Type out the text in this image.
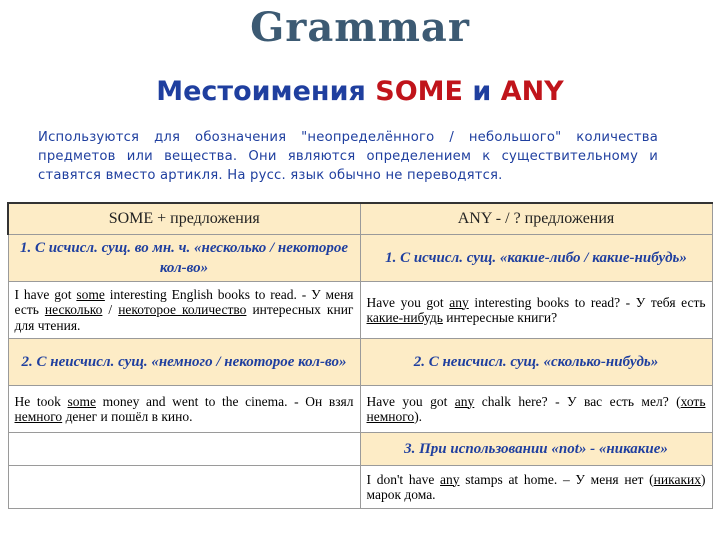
Grammar
Местоимения SOME и ANY
Используются для обозначения "неопределённого / небольшого" количества предметов или вещества. Они являются определением к существительному и ставятся вместо артикля. На русс. язык обычно не переводятся.
SOME + предложения	ANY - / ? предложения
1. С исчисл. сущ. во мн. ч. «несколько / некоторое кол-во»	1. С исчисл. сущ. «какие-либо / какие-нибудь»
I have got some interesting English books to read. - У меня есть несколько / некоторое количество интересных книг для чтения.	Have you got any interesting books to read? - У тебя есть какие-нибудь интересные книги?
2. С неисчисл. сущ. «немного / некоторое кол-во»	2. С неисчисл. сущ. «сколько-нибудь»
He took some money and went to the cinema. - Он взял немного денег и пошёл в кино.	Have you got any chalk here? - У вас есть мел? (хоть немного).
	3. При использовании «not» - «никакие»
	I don't have any stamps at home. – У меня нет (никаких) марок дома.
